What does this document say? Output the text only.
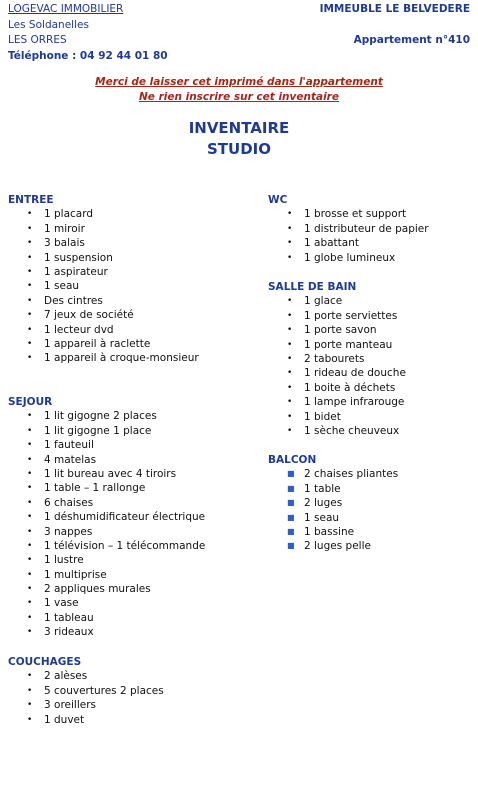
LOGEVAC IMMOBILIER
Les Soldanelles
LES ORRES
Téléphone : 04 92 44 01 80
IMMEUBLE LE BELVEDERE
Appartement n°410
Merci de laisser cet imprimé dans l'appartement
Ne rien inscrire sur cet inventaire
INVENTAIRE
STUDIO
ENTREE
• 1 placard
• 1 miroir
• 3 balais
• 1 suspension
• 1 aspirateur
• 1 seau
• Des cintres
• 7 jeux de société
• 1 lecteur dvd
• 1 appareil à raclette
• 1 appareil à croque-monsieur
SEJOUR
• 1 lit gigogne 2 places
• 1 lit gigogne 1 place
• 1 fauteuil
• 4 matelas
• 1 lit bureau avec 4 tiroirs
• 1 table – 1 rallonge
• 6 chaises
• 1 déshumidificateur électrique
• 3 nappes
• 1 télévision – 1 télécommande
• 1 lustre
• 1 multiprise
• 2 appliques murales
• 1 vase
• 1 tableau
• 3 rideaux
COUCHAGES
• 2 alèses
• 5 couvertures 2 places
• 3 oreillers
• 1 duvet
WC
• 1 brosse et support
• 1 distributeur de papier
• 1 abattant
• 1 globe lumineux
SALLE DE BAIN
• 1 glace
• 1 porte serviettes
• 1 porte savon
• 1 porte manteau
• 2 tabourets
• 1 rideau de douche
• 1 boite à déchets
• 1 lampe infrarouge
• 1 bidet
• 1 sèche cheuveux
BALCON
■ 2 chaises pliantes
■ 1 table
■ 2 luges
■ 1 seau
■ 1 bassine
■ 2 luges pelle
